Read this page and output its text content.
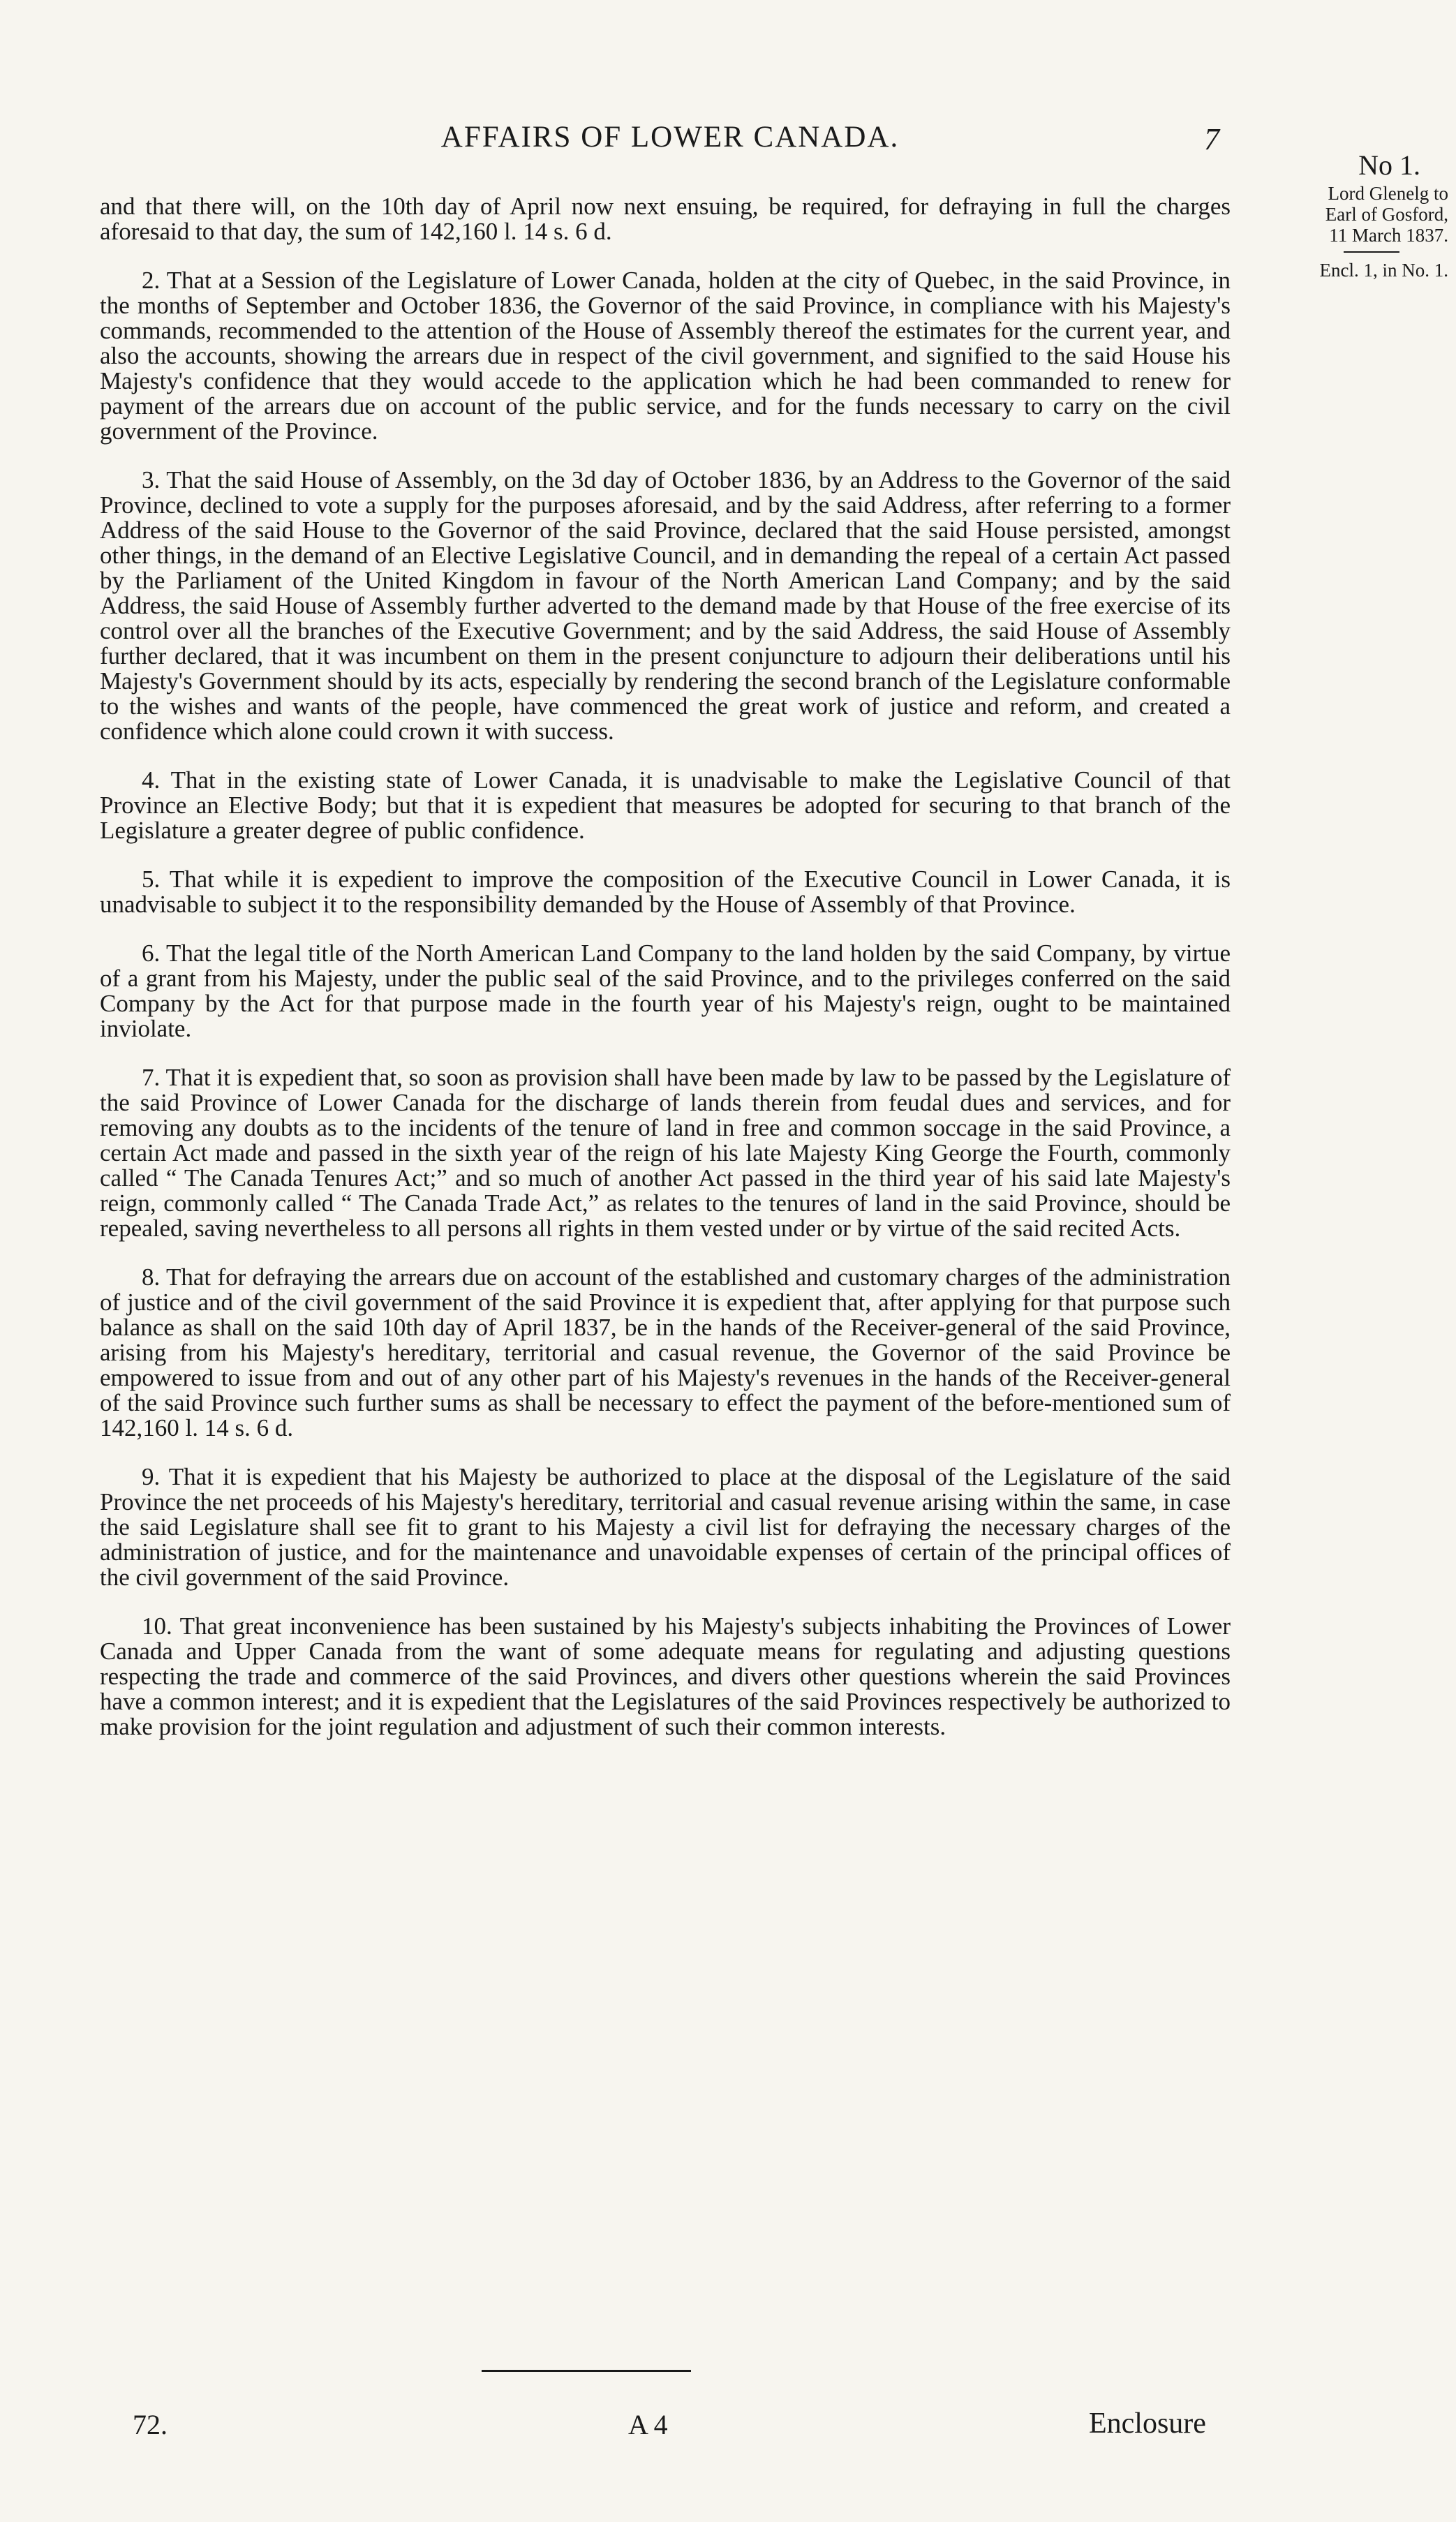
AFFAIRS OF LOWER CANADA.	7
No 1.
Lord Glenelg to
Earl of Gosford,
11 March 1837.
Encl. 1, in No. 1.

and that there will, on the 10th day of April now next ensuing, be required, for defraying in full the charges aforesaid to that day, the sum of 142,160 l. 14 s. 6 d.

2. That at a Session of the Legislature of Lower Canada, holden at the city of Quebec, in the said Province, in the months of September and October 1836, the Governor of the said Province, in compliance with his Majesty's commands, recommended to the attention of the House of Assembly thereof the estimates for the current year, and also the accounts, showing the arrears due in respect of the civil government, and signified to the said House his Majesty's confidence that they would accede to the application which he had been commanded to renew for payment of the arrears due on account of the public service, and for the funds necessary to carry on the civil government of the Province.

3. That the said House of Assembly, on the 3d day of October 1836, by an Address to the Governor of the said Province, declined to vote a supply for the purposes aforesaid, and by the said Address, after referring to a former Address of the said House to the Governor of the said Province, declared that the said House persisted, amongst other things, in the demand of an Elective Legislative Council, and in demanding the repeal of a certain Act passed by the Parliament of the United Kingdom in favour of the North American Land Company; and by the said Address, the said House of Assembly further adverted to the demand made by that House of the free exercise of its control over all the branches of the Executive Government; and by the said Address, the said House of Assembly further declared, that it was incumbent on them in the present conjuncture to adjourn their deliberations until his Majesty's Government should by its acts, especially by rendering the second branch of the Legislature conformable to the wishes and wants of the people, have commenced the great work of justice and reform, and created a confidence which alone could crown it with success.

4. That in the existing state of Lower Canada, it is unadvisable to make the Legislative Council of that Province an Elective Body; but that it is expedient that measures be adopted for securing to that branch of the Legislature a greater degree of public confidence.

5. That while it is expedient to improve the composition of the Executive Council in Lower Canada, it is unadvisable to subject it to the responsibility demanded by the House of Assembly of that Province.

6. That the legal title of the North American Land Company to the land holden by the said Company, by virtue of a grant from his Majesty, under the public seal of the said Province, and to the privileges conferred on the said Company by the Act for that purpose made in the fourth year of his Majesty's reign, ought to be maintained inviolate.

7. That it is expedient that, so soon as provision shall have been made by law to be passed by the Legislature of the said Province of Lower Canada for the discharge of lands therein from feudal dues and services, and for removing any doubts as to the incidents of the tenure of land in free and common soccage in the said Province, a certain Act made and passed in the sixth year of the reign of his late Majesty King George the Fourth, commonly called “ The Canada Tenures Act;” and so much of another Act passed in the third year of his said late Majesty's reign, commonly called “ The Canada Trade Act,” as relates to the tenures of land in the said Province, should be repealed, saving nevertheless to all persons all rights in them vested under or by virtue of the said recited Acts.

8. That for defraying the arrears due on account of the established and customary charges of the administration of justice and of the civil government of the said Province it is expedient that, after applying for that purpose such balance as shall on the said 10th day of April 1837, be in the hands of the Receiver-general of the said Province, arising from his Majesty's hereditary, territorial and casual revenue, the Governor of the said Province be empowered to issue from and out of any other part of his Majesty's revenues in the hands of the Receiver-general of the said Province such further sums as shall be necessary to effect the payment of the before-mentioned sum of 142,160 l. 14 s. 6 d.

9. That it is expedient that his Majesty be authorized to place at the disposal of the Legislature of the said Province the net proceeds of his Majesty's hereditary, territorial and casual revenue arising within the same, in case the said Legislature shall see fit to grant to his Majesty a civil list for defraying the necessary charges of the administration of justice, and for the maintenance and unavoidable expenses of certain of the principal offices of the civil government of the said Province.

10. That great inconvenience has been sustained by his Majesty's subjects inhabiting the Provinces of Lower Canada and Upper Canada from the want of some adequate means for regulating and adjusting questions respecting the trade and commerce of the said Provinces, and divers other questions wherein the said Provinces have a common interest; and it is expedient that the Legislatures of the said Provinces respectively be authorized to make provision for the joint regulation and adjustment of such their common interests.

72.	A 4	Enclosure
